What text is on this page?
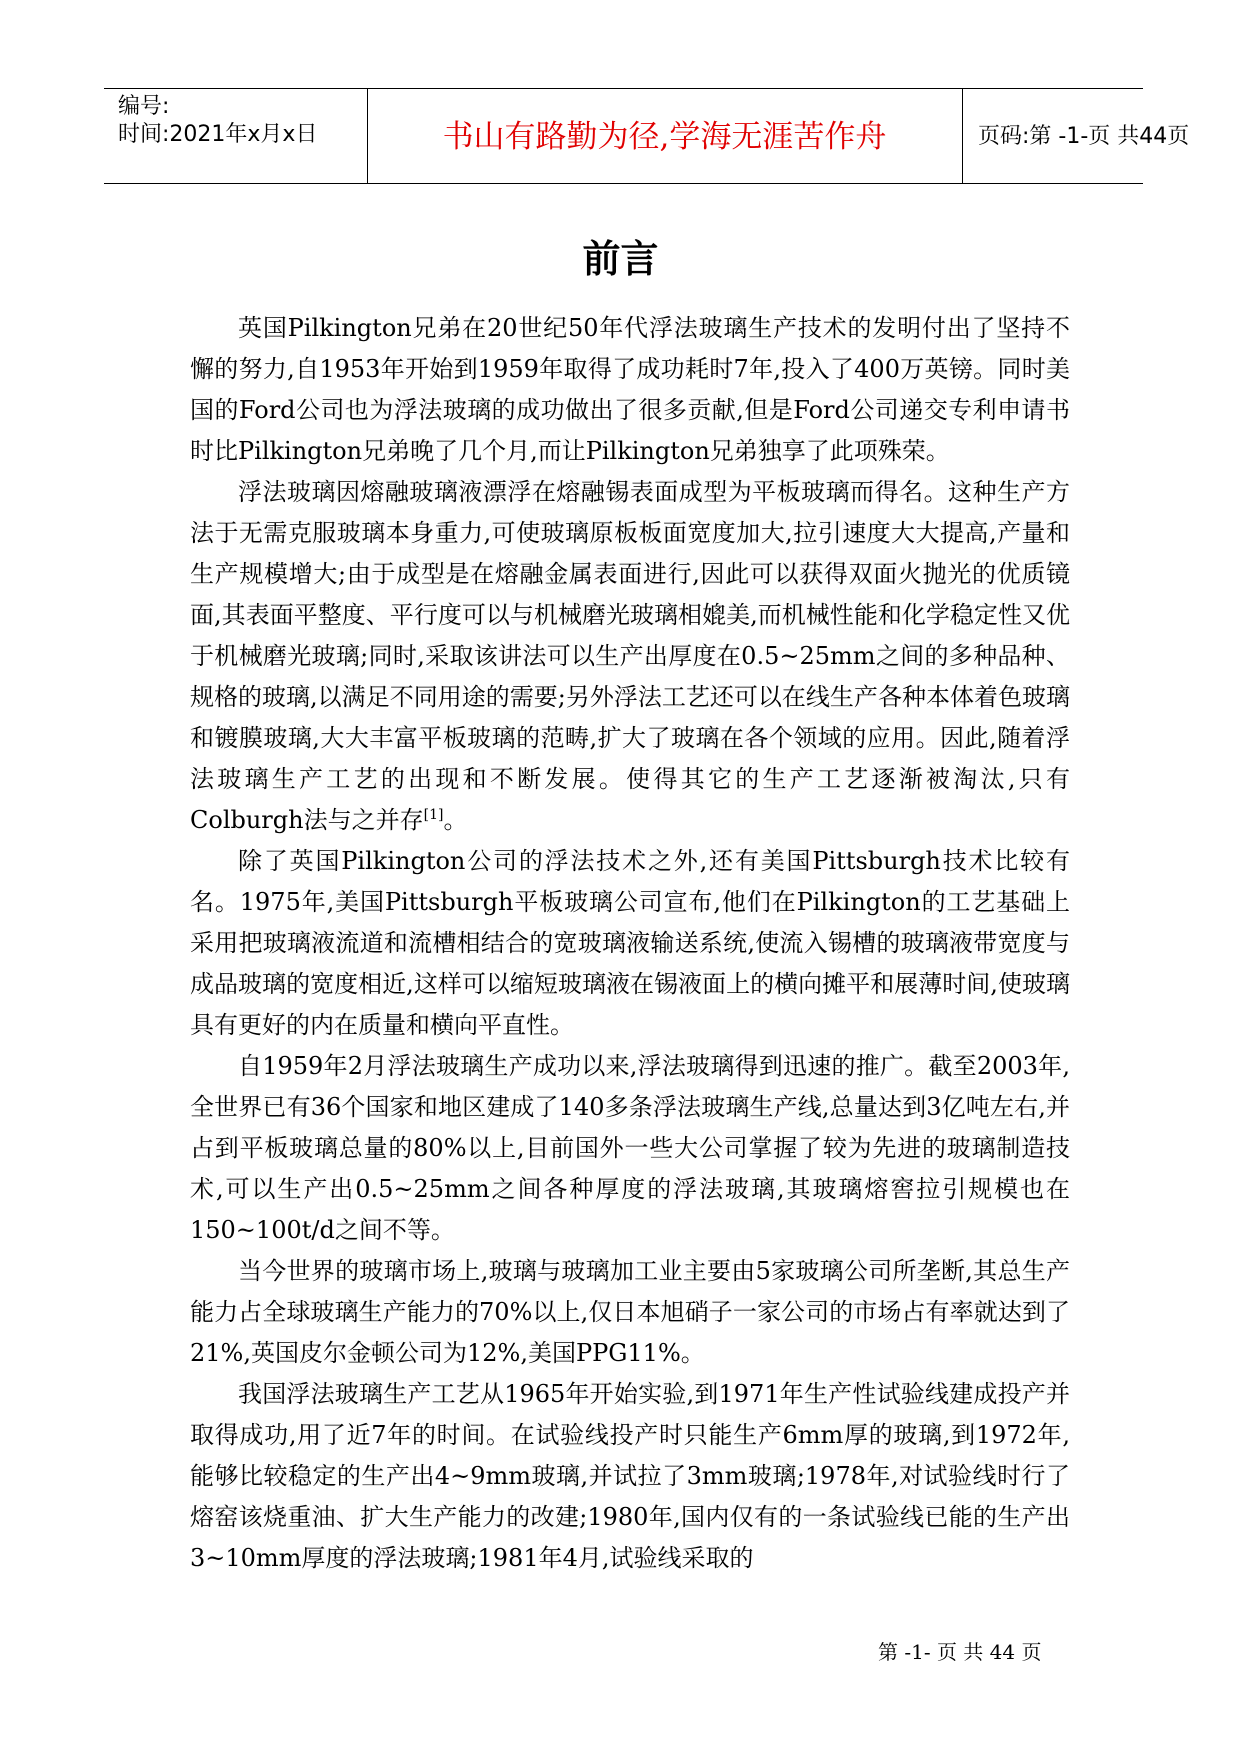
编号:
时间:2021年x月x日	书山有路勤为径,学海无涯苦作舟	页码:第 -1-页 共44页
前言

英国Pilkington兄弟在20世纪50年代浮法玻璃生产技术的发明付出了坚持不懈的努力,自1953年开始到1959年取得了成功耗时7年,投入了400万英镑。同时美国的Ford公司也为浮法玻璃的成功做出了很多贡献,但是Ford公司递交专利申请书时比Pilkington兄弟晚了几个月,而让Pilkington兄弟独享了此项殊荣。

浮法玻璃因熔融玻璃液漂浮在熔融锡表面成型为平板玻璃而得名。这种生产方法于无需克服玻璃本身重力,可使玻璃原板板面宽度加大,拉引速度大大提高,产量和生产规模增大;由于成型是在熔融金属表面进行,因此可以获得双面火抛光的优质镜面,其表面平整度、平行度可以与机械磨光玻璃相媲美,而机械性能和化学稳定性又优于机械磨光玻璃;同时,采取该讲法可以生产出厚度在0.5~25mm之间的多种品种、规格的玻璃,以满足不同用途的需要;另外浮法工艺还可以在线生产各种本体着色玻璃和镀膜玻璃,大大丰富平板玻璃的范畴,扩大了玻璃在各个领域的应用。因此,随着浮法玻璃生产工艺的出现和不断发展。使得其它的生产工艺逐渐被淘汰,只有Colburgh法与之并存[1]。

除了英国Pilkington公司的浮法技术之外,还有美国Pittsburgh技术比较有名。1975年,美国Pittsburgh平板玻璃公司宣布,他们在Pilkington的工艺基础上采用把玻璃液流道和流槽相结合的宽玻璃液输送系统,使流入锡槽的玻璃液带宽度与成品玻璃的宽度相近,这样可以缩短玻璃液在锡液面上的横向摊平和展薄时间,使玻璃具有更好的内在质量和横向平直性。

自1959年2月浮法玻璃生产成功以来,浮法玻璃得到迅速的推广。截至2003年,全世界已有36个国家和地区建成了140多条浮法玻璃生产线,总量达到3亿吨左右,并占到平板玻璃总量的80%以上,目前国外一些大公司掌握了较为先进的玻璃制造技术,可以生产出0.5~25mm之间各种厚度的浮法玻璃,其玻璃熔窖拉引规模也在150~100t/d之间不等。

当今世界的玻璃市场上,玻璃与玻璃加工业主要由5家玻璃公司所垄断,其总生产能力占全球玻璃生产能力的70%以上,仅日本旭硝子一家公司的市场占有率就达到了21%,英国皮尔金顿公司为12%,美国PPG11%。

我国浮法玻璃生产工艺从1965年开始实验,到1971年生产性试验线建成投产并取得成功,用了近7年的时间。在试验线投产时只能生产6mm厚的玻璃,到1972年,能够比较稳定的生产出4~9mm玻璃,并试拉了3mm玻璃;1978年,对试验线时行了熔窑该烧重油、扩大生产能力的改建;1980年,国内仅有的一条试验线已能的生产出3~10mm厚度的浮法玻璃;1981年4月,试验线采取的

第 -1- 页 共 44 页
